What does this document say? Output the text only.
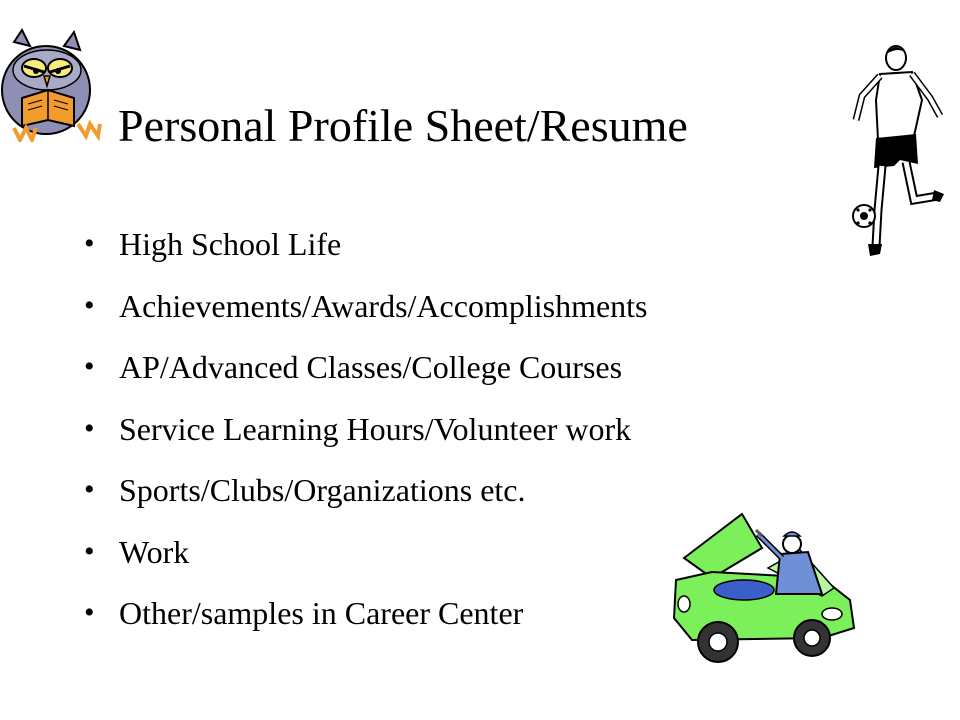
Personal Profile Sheet/Resume
• High School Life
• Achievements/Awards/Accomplishments
• AP/Advanced Classes/College Courses
• Service Learning Hours/Volunteer work
• Sports/Clubs/Organizations etc.
• Work
• Other/samples in Career Center
